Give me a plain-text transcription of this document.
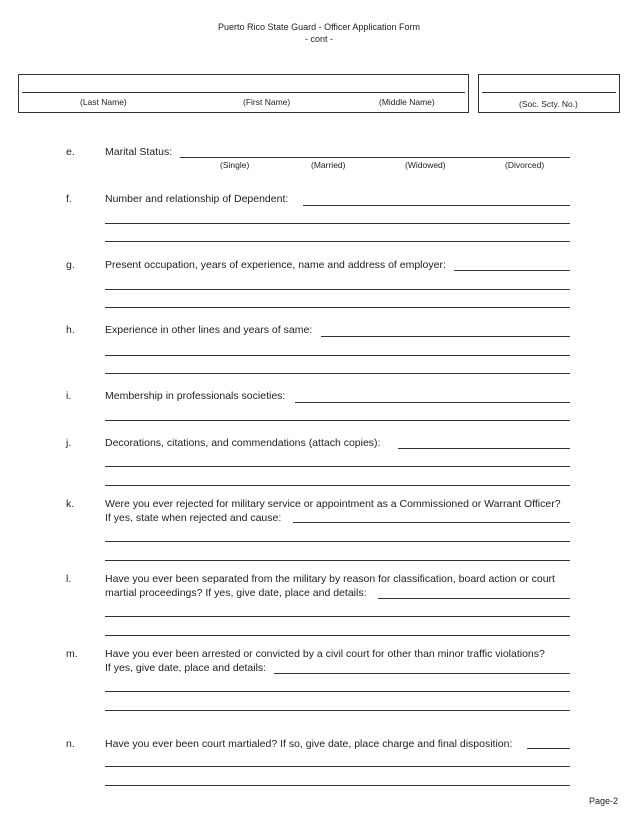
Puerto Rico State Guard - Officer Application Form
- cont -
(Last Name)	(First Name)	(Middle Name)	(Soc. Scty. No.)
e.	Marital Status:
(Single)	(Married)	(Widowed)	(Divorced)
f.	Number and relationship of Dependent:
g.	Present occupation, years of experience, name and address of employer:
h.	Experience in other lines and years of same:
i.	Membership in professionals societies:
j.	Decorations, citations, and commendations (attach copies):
k.	Were you ever rejected for military service or appointment as a Commissioned or Warrant Officer?
If yes, state when rejected and cause:
l.	Have you ever been separated from the military by reason for classification, board action or court
martial proceedings? If yes, give date, place and details:
m.	Have you ever been arrested or convicted by a civil court for other than minor traffic violations?
If yes, give date, place and details:
n.	Have you ever been court martialed? If so, give date, place charge and final disposition:
Page-2
